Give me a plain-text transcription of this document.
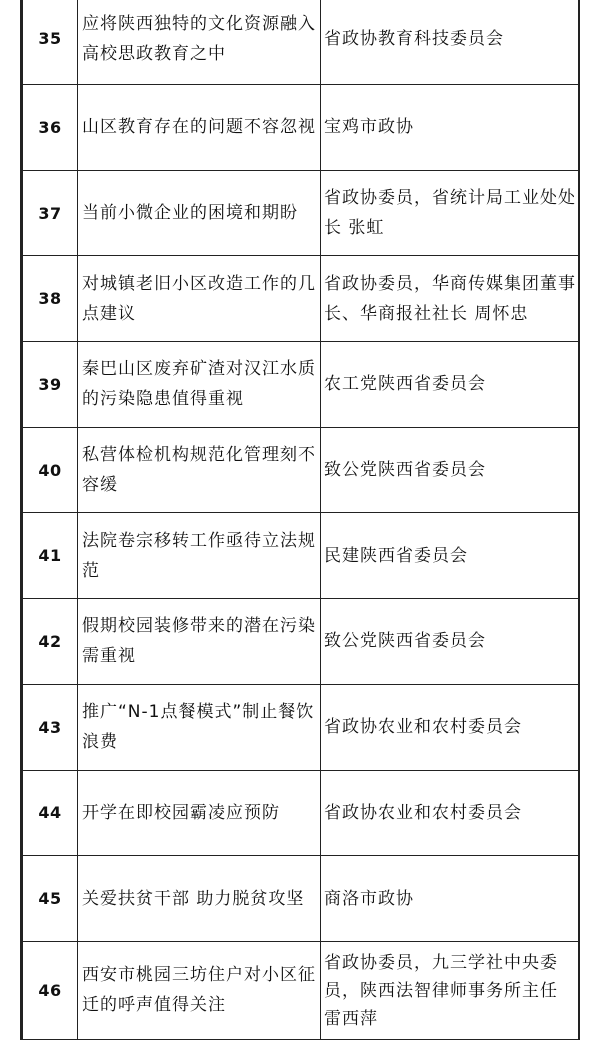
35	应将陕西独特的文化资源融入高校思政教育之中	省政协教育科技委员会
36	山区教育存在的问题不容忽视	宝鸡市政协
37	当前小微企业的困境和期盼	省政协委员，省统计局工业处处长 张虹
38	对城镇老旧小区改造工作的几点建议	省政协委员，华商传媒集团董事长、华商报社社长 周怀忠
39	秦巴山区废弃矿渣对汉江水质的污染隐患值得重视	农工党陕西省委员会
40	私营体检机构规范化管理刻不容缓	致公党陕西省委员会
41	法院卷宗移转工作亟待立法规范	民建陕西省委员会
42	假期校园装修带来的潜在污染需重视	致公党陕西省委员会
43	推广“N-1点餐模式”制止餐饮浪费	省政协农业和农村委员会
44	开学在即校园霸凌应预防	省政协农业和农村委员会
45	关爱扶贫干部 助力脱贫攻坚	商洛市政协
46	西安市桃园三坊住户对小区征迁的呼声值得关注	省政协委员，九三学社中央委员，陕西法智律师事务所主任 雷西萍
